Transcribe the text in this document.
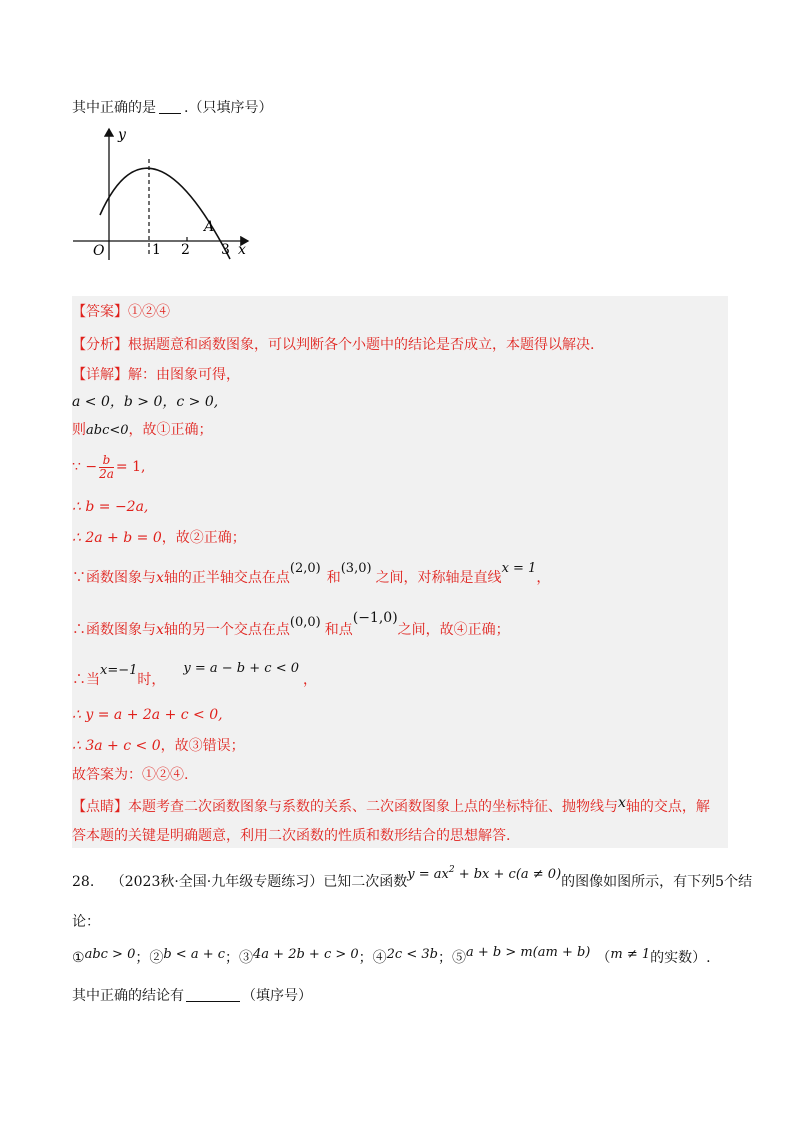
其中正确的是 .（只填序号）
y
x
O	1 2 3
A
【答案】①②④
【分析】根据题意和函数图象，可以判断各个小题中的结论是否成立，本题得以解决.
【详解】解：由图象可得，
a < 0，b > 0，c > 0,
则abc<0，故①正确；
∵ − $\frac{b}{2a} = 1$,
∴ b = −2a,
∴ 2a + b = 0，故②正确；
∵函数图象与x轴的正半轴交点在点(2,0)和(3,0)之间，对称轴是直线x = 1，
∴函数图象与x轴的另一个交点在点(0,0) 和点(−1,0)之间，故④正确；
∴当x=−1时，y = a − b + c < 0，
∴ y = a + 2a + c < 0,
∴ 3a + c < 0，故③错误；
故答案为：①②④.
【点睛】本题考查二次函数图象与系数的关系、二次函数图象上点的坐标特征、抛物线与x轴的交点，解
答本题的关键是明确题意，利用二次函数的性质和数形结合的思想解答.
28. （2023秋·全国·九年级专题练习）已知二次函数$y = ax^2$ + bx + c(a ≠ 0)的图像如图所示，有下列5个结
论：
①abc > 0；②b < a + c；③4a + 2b + c > 0；④2c < 3b；⑤a + b > m(am + b) （m ≠ 1的实数）.
其中正确的结论有	（填序号）
